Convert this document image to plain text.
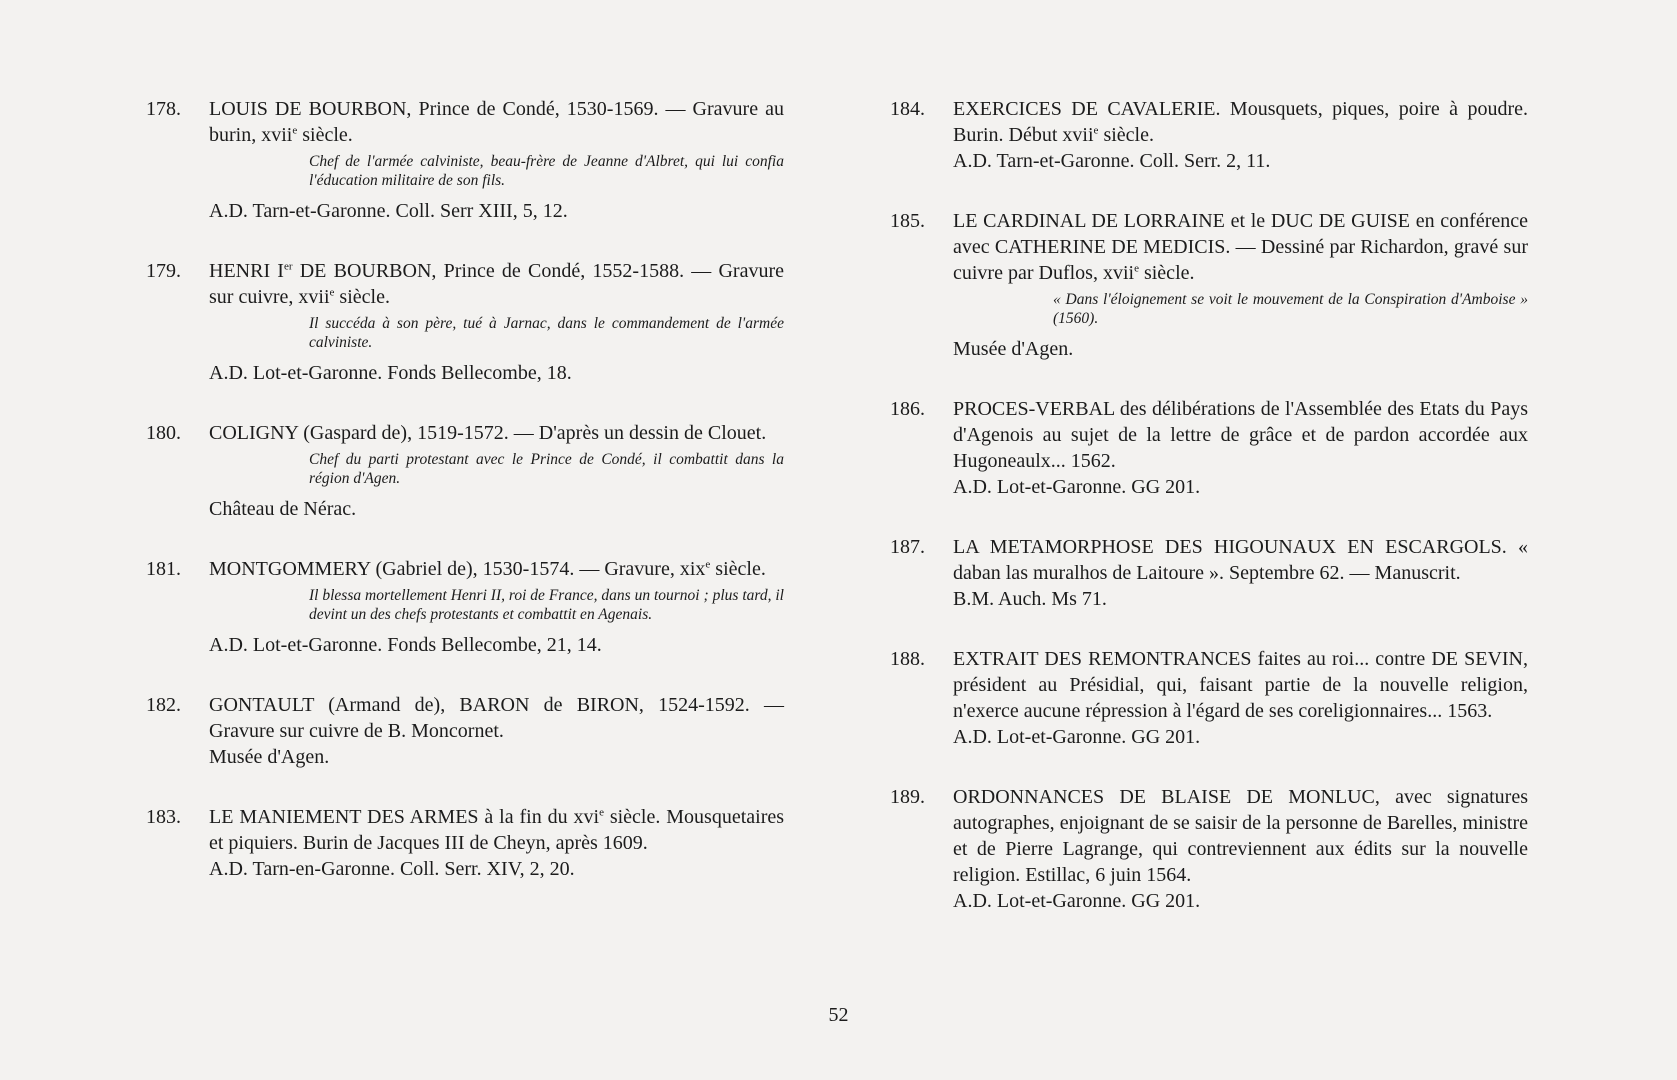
178. LOUIS DE BOURBON, Prince de Condé, 1530-1569. — Gravure au burin, xvii$^e$ siècle.
Chef de l'armée calviniste, beau-frère de Jeanne d'Albret, qui lui confia l'éducation militaire de son fils.
A.D. Tarn-et-Garonne. Coll. Serr XIII, 5, 12.
179. HENRI Ier DE BOURBON, Prince de Condé, 1552-1588. — Gravure sur cuivre, xvii$^e$ siècle.
Il succéda à son père, tué à Jarnac, dans le commandement de l'armée calviniste.
A.D. Lot-et-Garonne. Fonds Bellecombe, 18.
180. COLIGNY (Gaspard de), 1519-1572. — D'après un dessin de Clouet.
Chef du parti protestant avec le Prince de Condé, il combattit dans la région d'Agen.
Château de Nérac.
181. MONTGOMMERY (Gabriel de), 1530-1574. — Gravure, xix$^e$ siècle.
Il blessa mortellement Henri II, roi de France, dans un tournoi ; plus tard, il devint un des chefs protestants et combattit en Agenais.
A.D. Lot-et-Garonne. Fonds Bellecombe, 21, 14.
182. GONTAULT (Armand de), BARON de BIRON, 1524-1592. — Gravure sur cuivre de B. Moncornet.
Musée d'Agen.
183. LE MANIEMENT DES ARMES à la fin du xvi$^e$ siècle. Mousquetaires et piquiers. Burin de Jacques III de Cheyn, après 1609.
A.D. Tarn-en-Garonne. Coll. Serr. XIV, 2, 20.
184. EXERCICES DE CAVALERIE. Mousquets, piques, poire à poudre. Burin. Début xvii$^e$ siècle.
A.D. Tarn-et-Garonne. Coll. Serr. 2, 11.
185. LE CARDINAL DE LORRAINE et le DUC DE GUISE en conférence avec CATHERINE DE MEDICIS. — Dessiné par Richardon, gravé sur cuivre par Duflos, xvii$^e$ siècle.
« Dans l'éloignement se voit le mouvement de la Conspiration d'Amboise » (1560).
Musée d'Agen.
186. PROCES-VERBAL des délibérations de l'Assemblée des Etats du Pays d'Agenois au sujet de la lettre de grâce et de pardon accordée aux Hugoneaulx... 1562.
A.D. Lot-et-Garonne. GG 201.
187. LA METAMORPHOSE DES HIGOUNAUX EN ESCARGOLS. « daban las muralhos de Laitoure ». Septembre 62. — Manuscrit.
B.M. Auch. Ms 71.
188. EXTRAIT DES REMONTRANCES faites au roi... contre DE SEVIN, président au Présidial, qui, faisant partie de la nouvelle religion, n'exerce aucune répression à l'égard de ses coreligionnaires... 1563.
A.D. Lot-et-Garonne. GG 201.
189. ORDONNANCES DE BLAISE DE MONLUC, avec signatures autographes, enjoignant de se saisir de la personne de Barelles, ministre et de Pierre Lagrange, qui contreviennent aux édits sur la nouvelle religion. Estillac, 6 juin 1564.
A.D. Lot-et-Garonne. GG 201.
52
